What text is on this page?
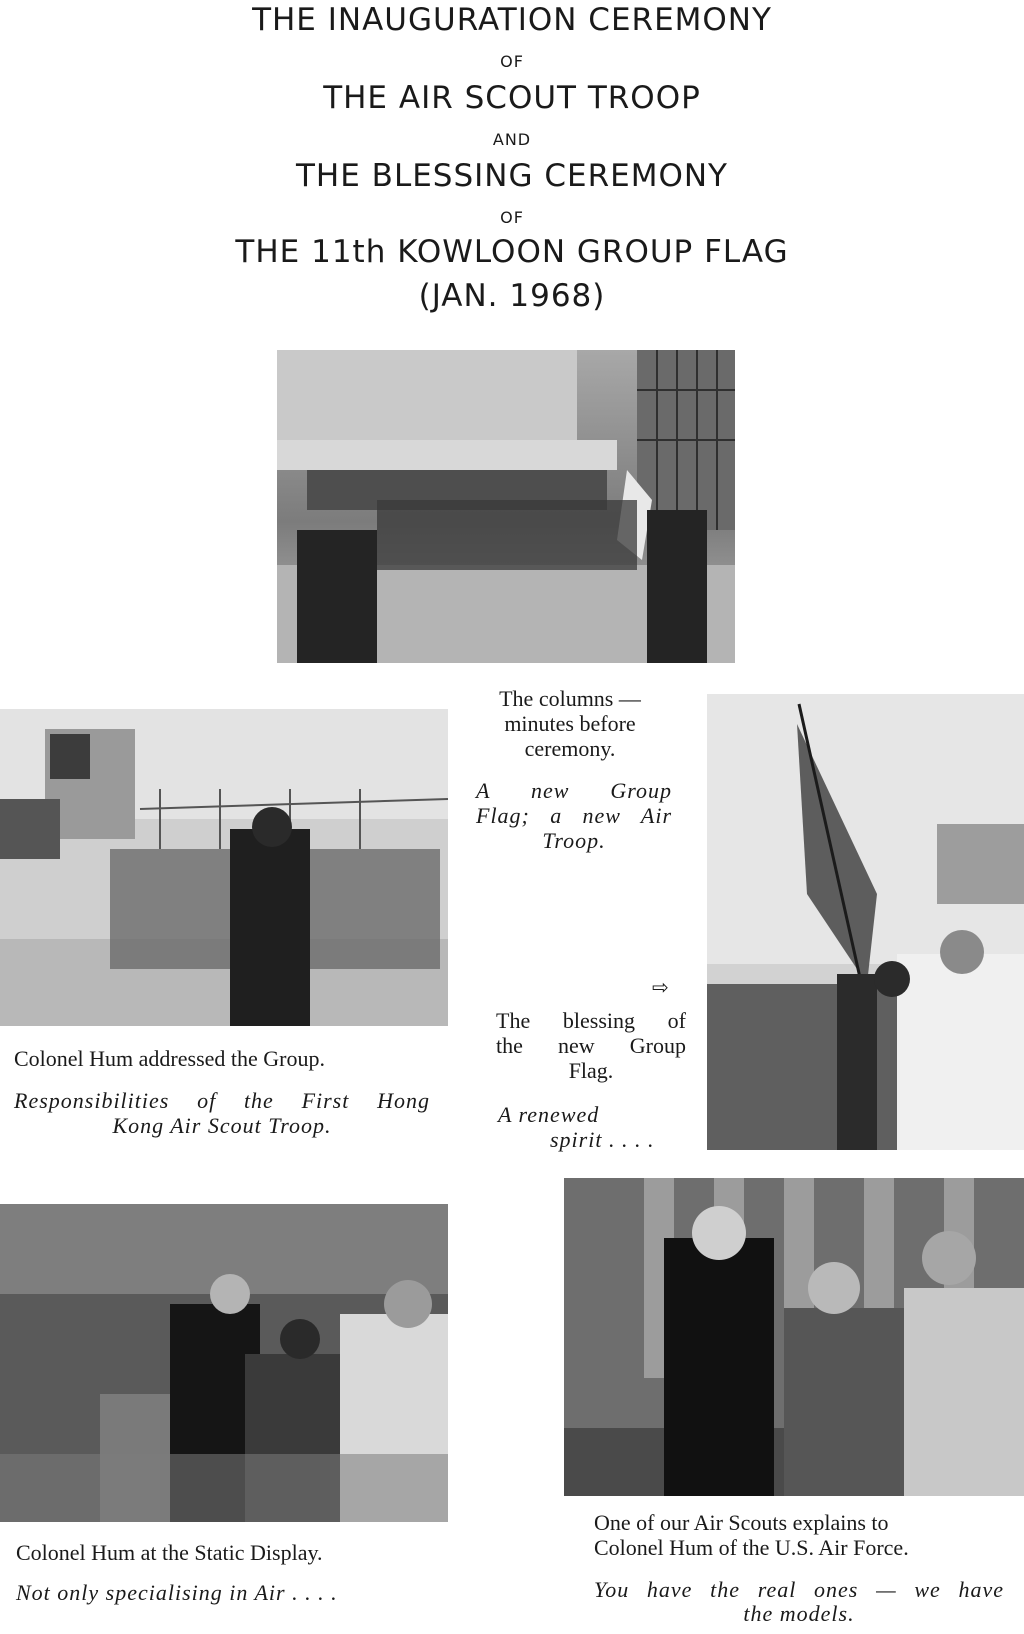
THE INAUGURATION CEREMONY
OF
THE AIR SCOUT TROOP
AND
THE BLESSING CEREMONY
OF
THE 11th KOWLOON GROUP FLAG
(JAN. 1968)
The columns —
minutes before
ceremony.
A new Group
Flag; a new Air
Troop.
⇨
The blessing of
the new Group
Flag.
A renewed
spirit . . . .
Colonel Hum addressed the Group.
Responsibilities of the First Hong
Kong Air Scout Troop.
Colonel Hum at the Static Display.
Not only specialising in Air . . . .
One of our Air Scouts explains to
Colonel Hum of the U.S. Air Force.
You have the real ones — we have
the models.
